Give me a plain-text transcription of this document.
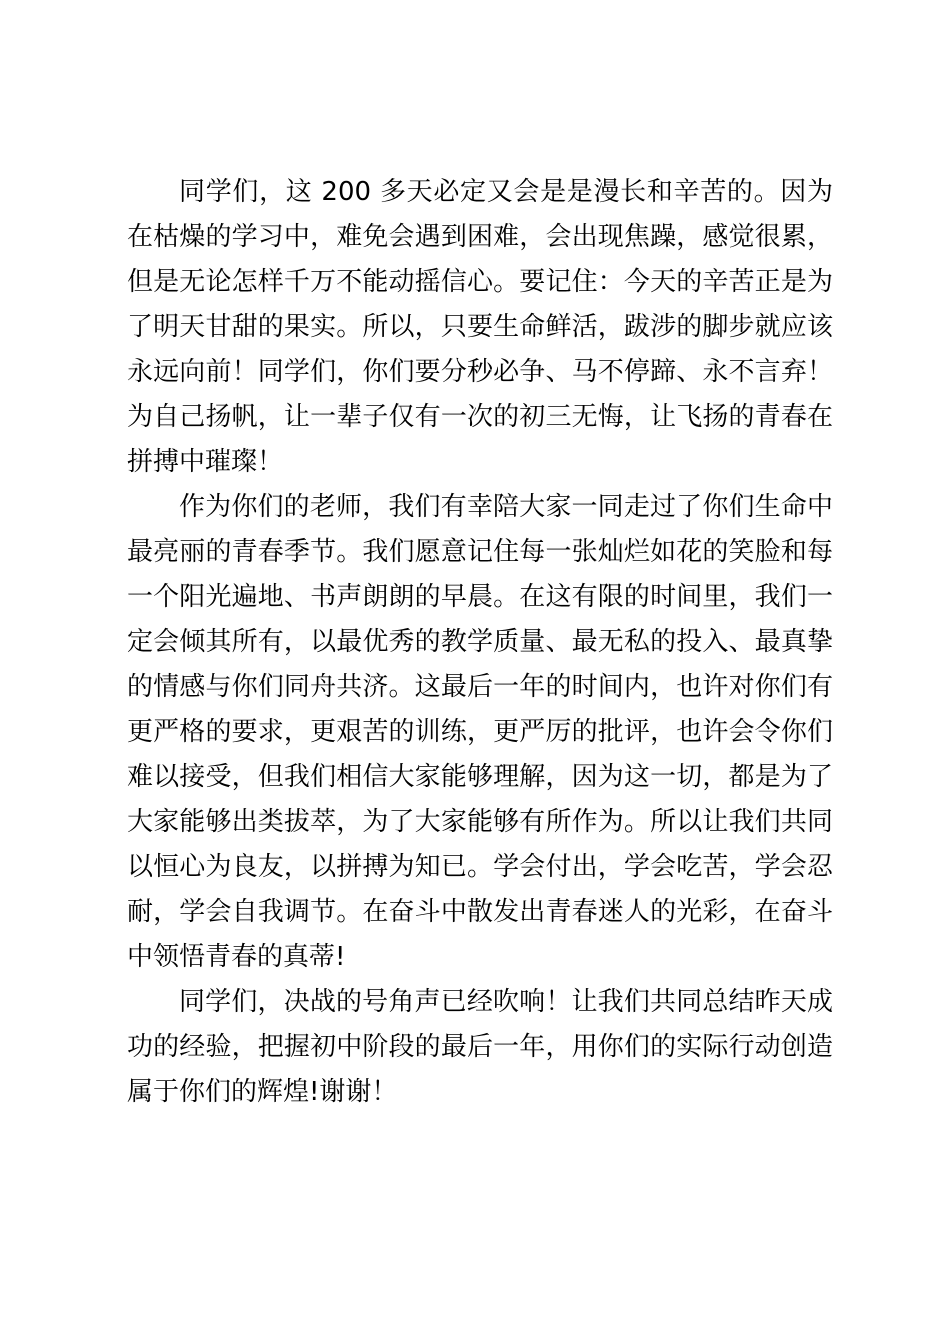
同学们，这 200 多天必定又会是是漫长和辛苦的。因为在枯燥的学习中，难免会遇到困难，会出现焦躁，感觉很累，但是无论怎样千万不能动摇信心。要记住：今天的辛苦正是为了明天甘甜的果实。所以，只要生命鲜活，跋涉的脚步就应该永远向前！同学们，你们要分秒必争、马不停蹄、永不言弃！为自己扬帆，让一辈子仅有一次的初三无悔，让飞扬的青春在拼搏中璀璨！

作为你们的老师，我们有幸陪大家一同走过了你们生命中最亮丽的青春季节。我们愿意记住每一张灿烂如花的笑脸和每一个阳光遍地、书声朗朗的早晨。在这有限的时间里，我们一定会倾其所有，以最优秀的教学质量、最无私的投入、最真挚的情感与你们同舟共济。这最后一年的时间内，也许对你们有更严格的要求，更艰苦的训练，更严厉的批评，也许会令你们难以接受，但我们相信大家能够理解，因为这一切，都是为了大家能够出类拔萃，为了大家能够有所作为。所以让我们共同以恒心为良友，以拼搏为知已。学会付出，学会吃苦，学会忍耐，学会自我调节。在奋斗中散发出青春迷人的光彩，在奋斗中领悟青春的真蒂!

同学们，决战的号角声已经吹响！让我们共同总结昨天成功的经验，把握初中阶段的最后一年，用你们的实际行动创造属于你们的辉煌!谢谢！
